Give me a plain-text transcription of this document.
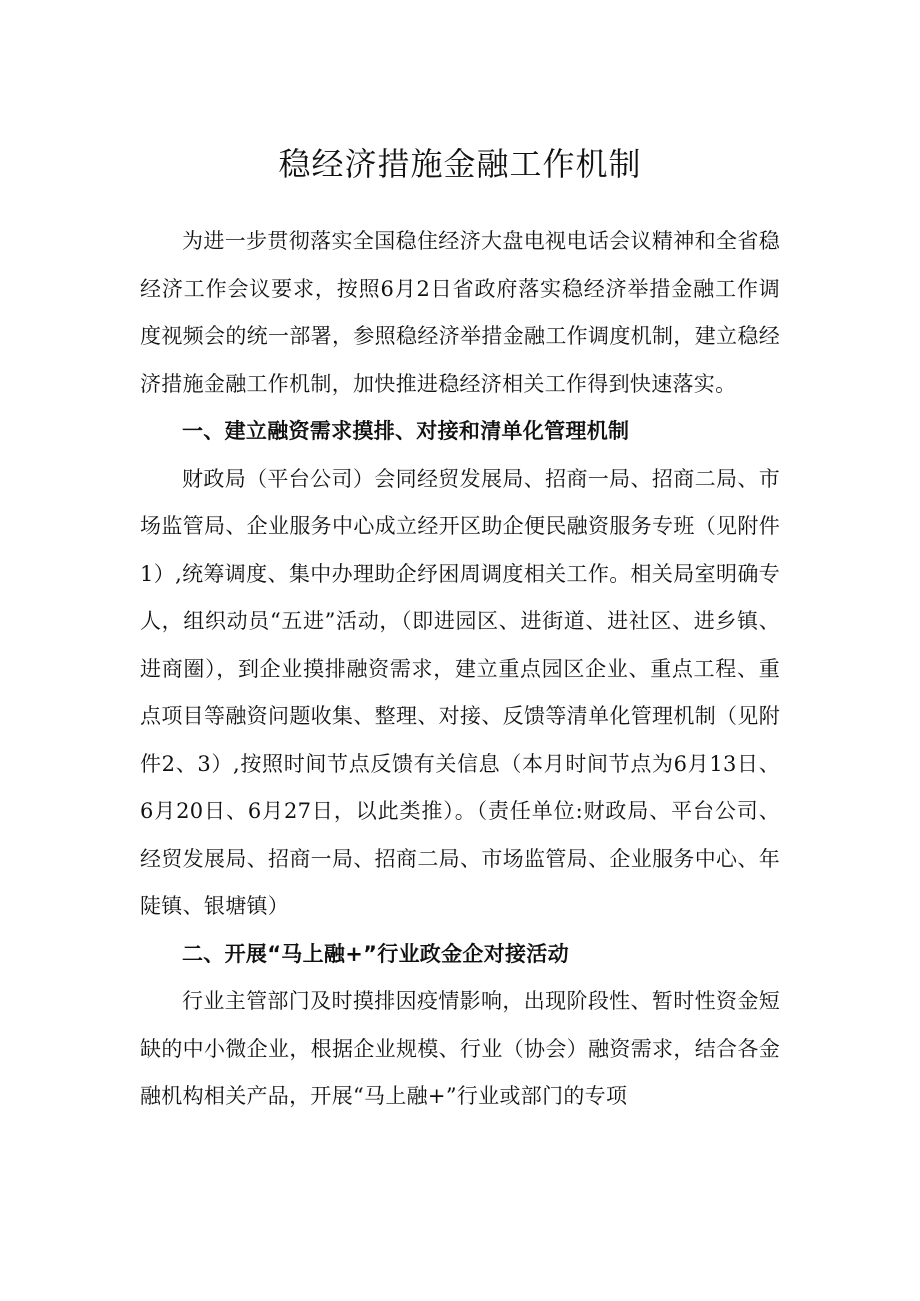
稳经济措施金融工作机制

为进一步贯彻落实全国稳住经济大盘电视电话会议精神和全省稳经济工作会议要求，按照6月2日省政府落实稳经济举措金融工作调度视频会的统一部署，参照稳经济举措金融工作调度机制，建立稳经济措施金融工作机制，加快推进稳经济相关工作得到快速落实。

一、建立融资需求摸排、对接和清单化管理机制

财政局（平台公司）会同经贸发展局、招商一局、招商二局、市场监管局、企业服务中心成立经开区助企便民融资服务专班（见附件1）,统筹调度、集中办理助企纾困周调度相关工作。相关局室明确专人，组织动员“五进”活动，（即进园区、进街道、进社区、进乡镇、进商圈），到企业摸排融资需求，建立重点园区企业、重点工程、重点项目等融资问题收集、整理、对接、反馈等清单化管理机制（见附件2、3）,按照时间节点反馈有关信息（本月时间节点为6月13日、6月20日、6月27日，以此类推）。（责任单位:财政局、平台公司、经贸发展局、招商一局、招商二局、市场监管局、企业服务中心、年陡镇、银塘镇）

二、开展“马上融+”行业政金企对接活动

行业主管部门及时摸排因疫情影响，出现阶段性、暂时性资金短缺的中小微企业，根据企业规模、行业（协会）融资需求，结合各金融机构相关产品，开展“马上融+”行业或部门的专项
